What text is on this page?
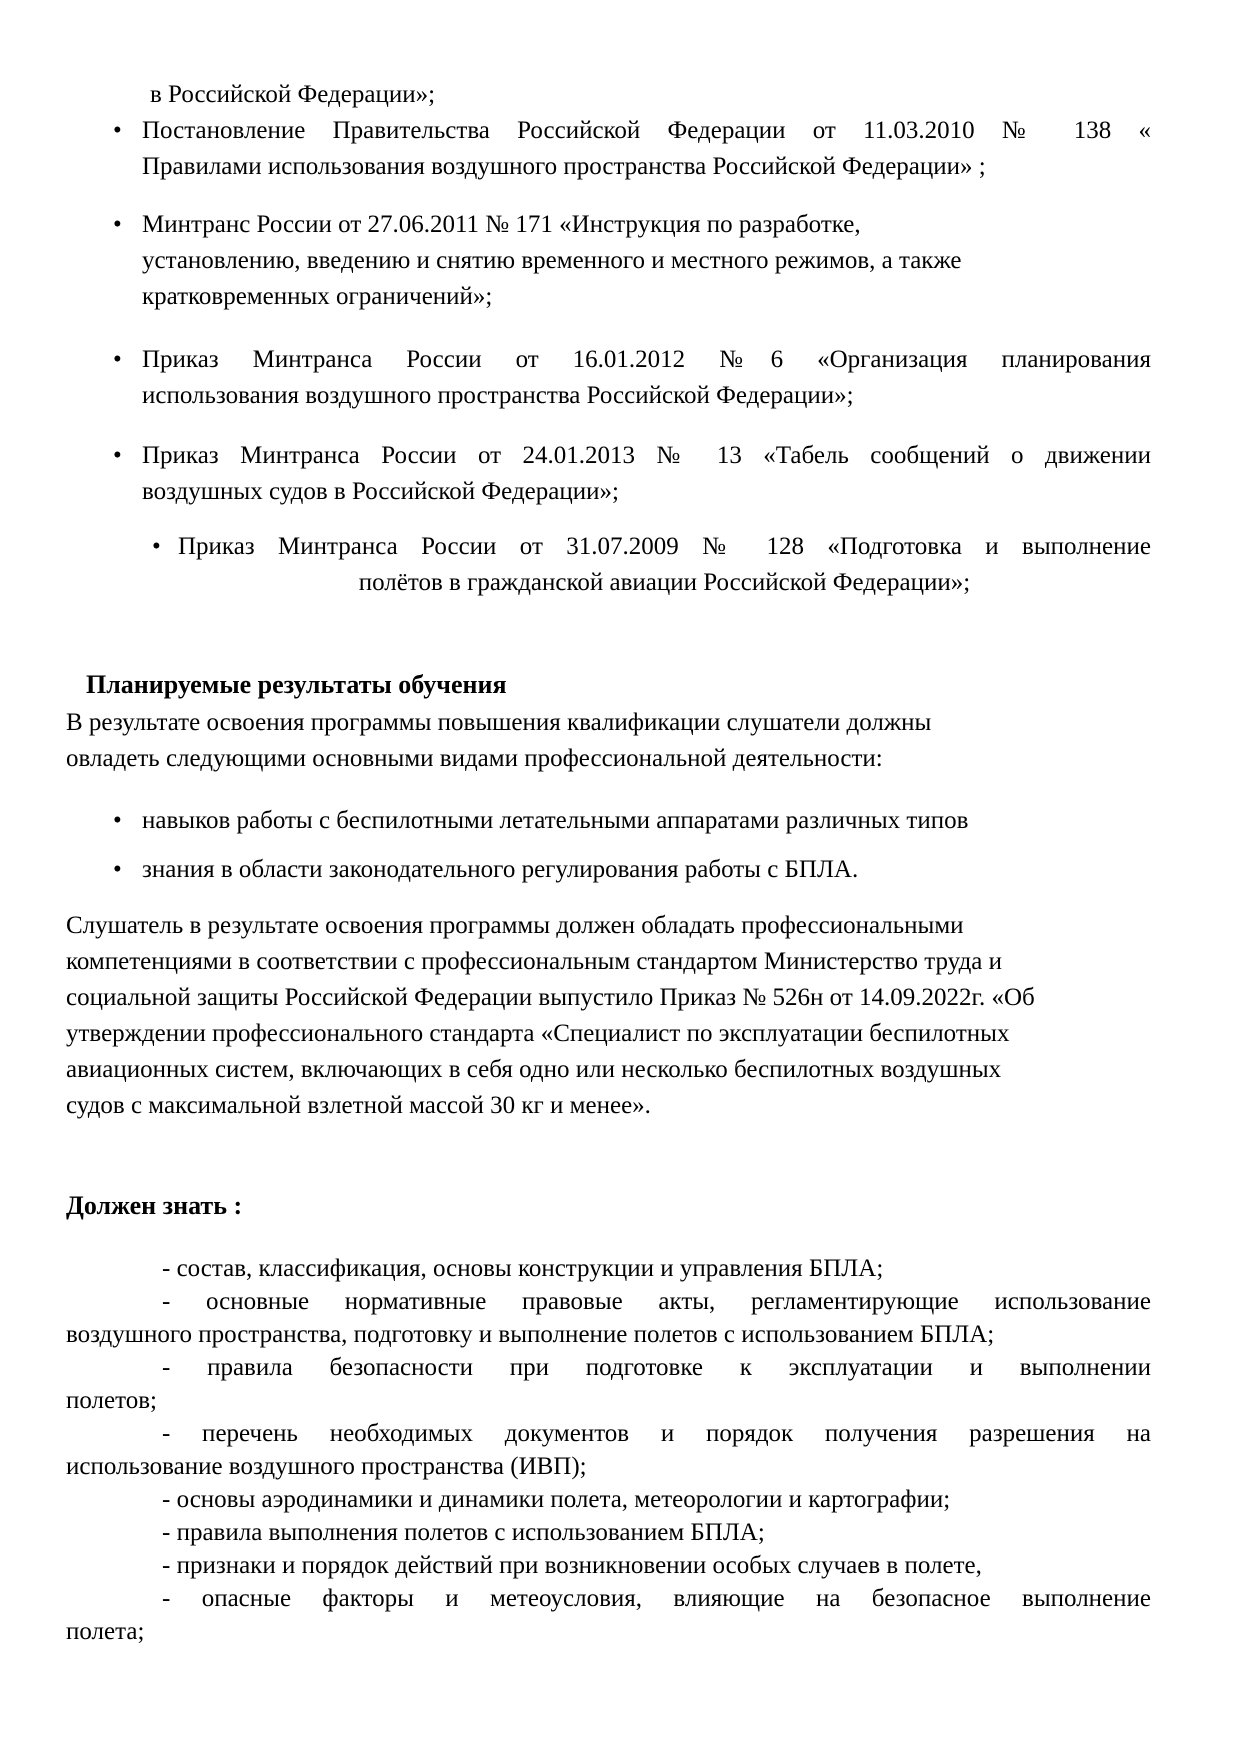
в Российской Федерации»;
• Постановление Правительства Российской Федерации от 11.03.2010 № 138 «
Правилами использования воздушного пространства Российской Федерации» ;
• Минтранс России от 27.06.2011 № 171 «Инструкция по разработке,
установлению, введению и снятию временного и местного режимов, а также
кратковременных ограничений»;
• Приказ Минтранса России от 16.01.2012 №6 «Организация планирования
использования воздушного пространства Российской Федерации»;
• Приказ Минтранса России от 24.01.2013 № 13 «Табель сообщений о движении
воздушных судов в Российской Федерации»;
• Приказ Минтранса России от 31.07.2009 № 128 «Подготовка и выполнение
полётов в гражданской авиации Российской Федерации»;
Планируемые результаты обучения
В результате освоения программы повышения квалификации слушатели должны
овладеть следующими основными видами профессиональной деятельности:
• навыков работы с беспилотными летательными аппаратами различных типов
• знания в области законодательного регулирования работы с БПЛА.
Слушатель в результате освоения программы должен обладать профессиональными
компетенциями в соответствии с профессиональным стандартом Министерство труда и
социальной защиты Российской Федерации выпустило Приказ № 526н от 14.09.2022г. «Об
утверждении профессионального стандарта «Специалист по эксплуатации беспилотных
авиационных систем, включающих в себя одно или несколько беспилотных воздушных
судов с максимальной взлетной массой 30 кг и менее».
Должен знать :
- состав, классификация, основы конструкции и управления БПЛА;
- основные нормативные правовые акты, регламентирующие использование
воздушного пространства, подготовку и выполнение полетов с использованием БПЛА;
- правила безопасности при подготовке к эксплуатации и выполнении
полетов;
- перечень необходимых документов и порядок получения разрешения на
использование воздушного пространства (ИВП);
- основы аэродинамики и динамики полета, метеорологии и картографии;
- правила выполнения полетов с использованием БПЛА;
- признаки и порядок действий при возникновении особых случаев в полете,
- опасные факторы и метеоусловия, влияющие на безопасное выполнение
полета;
